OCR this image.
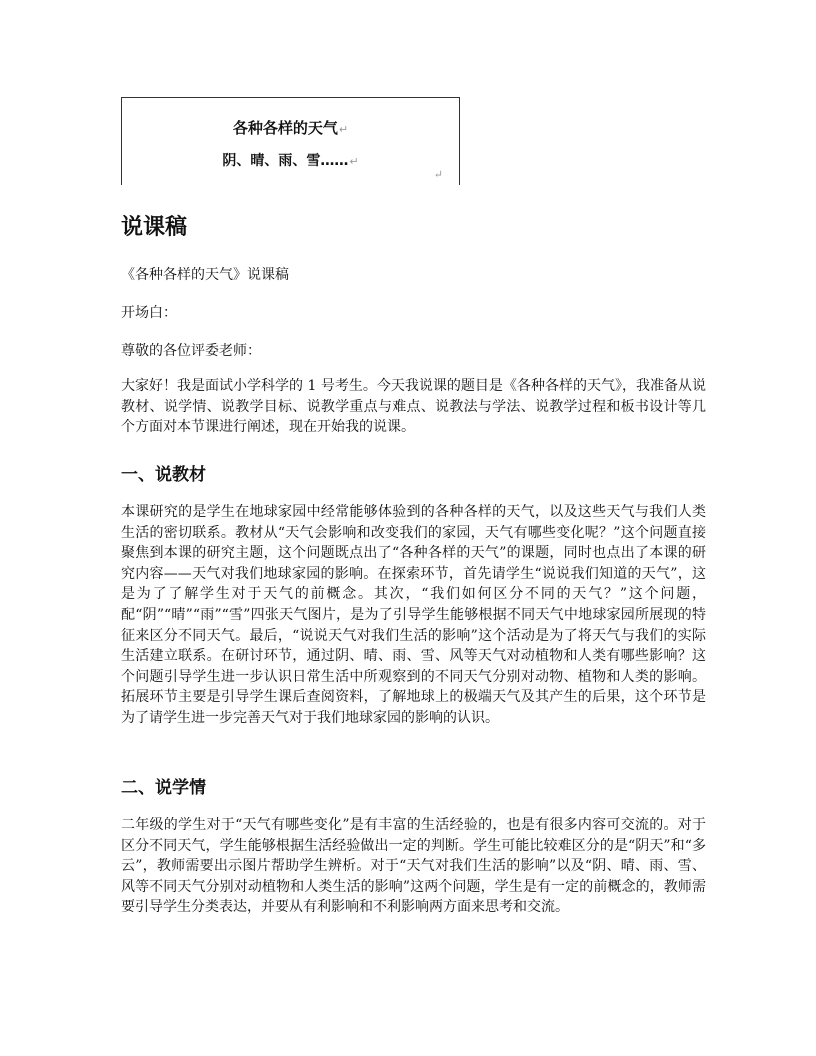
各种各样的天气↵
阴、晴、雨、雪……↵
↵
说课稿

《各种各样的天气》说课稿

开场白：

尊敬的各位评委老师：

大家好！我是面试小学科学的 1 号考生。今天我说课的题目是《各种各样的天气》，我准备从说教材、说学情、说教学目标、说教学重点与难点、说教法与学法、说教学过程和板书设计等几个方面对本节课进行阐述，现在开始我的说课。

一、说教材

本课研究的是学生在地球家园中经常能够体验到的各种各样的天气，以及这些天气与我们人类生活的密切联系。教材从“天气会影响和改变我们的家园，天气有哪些变化呢？”这个问题直接聚焦到本课的研究主题，这个问题既点出了“各种各样的天气”的课题，同时也点出了本课的研究内容——天气对我们地球家园的影响。在探索环节，首先请学生“说说我们知道的天气”，这是为了了解学生对于天气的前概念。其次，“我们如何区分不同的天气？”这个问题，配“阴”“晴”“雨”“雪”四张天气图片，是为了引导学生能够根据不同天气中地球家园所展现的特征来区分不同天气。最后，“说说天气对我们生活的影响”这个活动是为了将天气与我们的实际生活建立联系。在研讨环节，通过阴、晴、雨、雪、风等天气对动植物和人类有哪些影响？这个问题引导学生进一步认识日常生活中所观察到的不同天气分别对动物、植物和人类的影响。拓展环节主要是引导学生课后查阅资料，了解地球上的极端天气及其产生的后果，这个环节是为了请学生进一步完善天气对于我们地球家园的影响的认识。

二、说学情

二年级的学生对于“天气有哪些变化”是有丰富的生活经验的，也是有很多内容可交流的。对于区分不同天气，学生能够根据生活经验做出一定的判断。学生可能比较难区分的是“阴天”和“多云”，教师需要出示图片帮助学生辨析。对于“天气对我们生活的影响”以及“阴、晴、雨、雪、风等不同天气分别对动植物和人类生活的影响”这两个问题，学生是有一定的前概念的，教师需要引导学生分类表达，并要从有利影响和不利影响两方面来思考和交流。
